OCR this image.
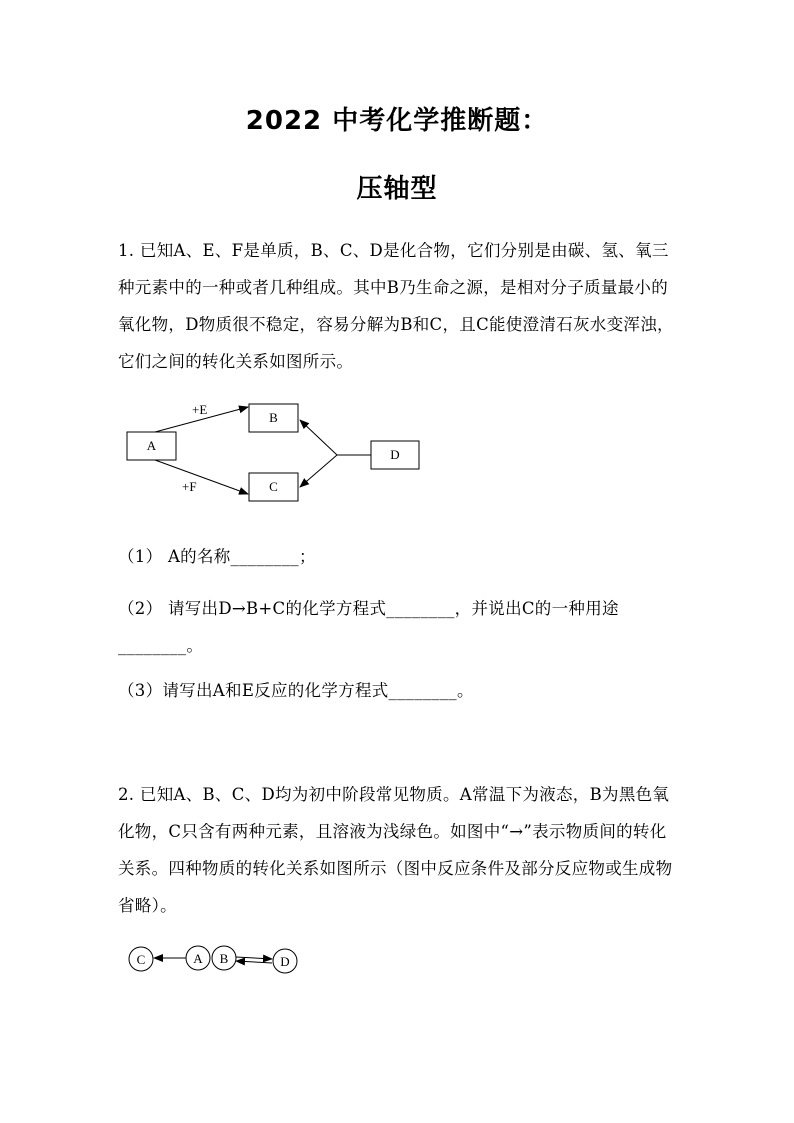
2022 中考化学推断题：
压轴型
1. 已知A、E、F是单质，B、C、D是化合物，它们分别是由碳、氢、氧三种元素中的一种或者几种组成。其中B乃生命之源，是相对分子质量最小的氧化物，D物质很不稳定，容易分解为B和C，且C能使澄清石灰水变浑浊，它们之间的转化关系如图所示。
A
B
C
D
+E
+F
C	A B	D
（1） A的名称________；
（2） 请写出D→B+C的化学方程式________，并说出C的一种用途________。
（3）请写出A和E反应的化学方程式________。
2. 已知A、B、C、D均为初中阶段常见物质。A常温下为液态，B为黑色氧化物，C只含有两种元素，且溶液为浅绿色。如图中“→”表示物质间的转化关系。四种物质的转化关系如图所示（图中反应条件及部分反应物或生成物省略）。
